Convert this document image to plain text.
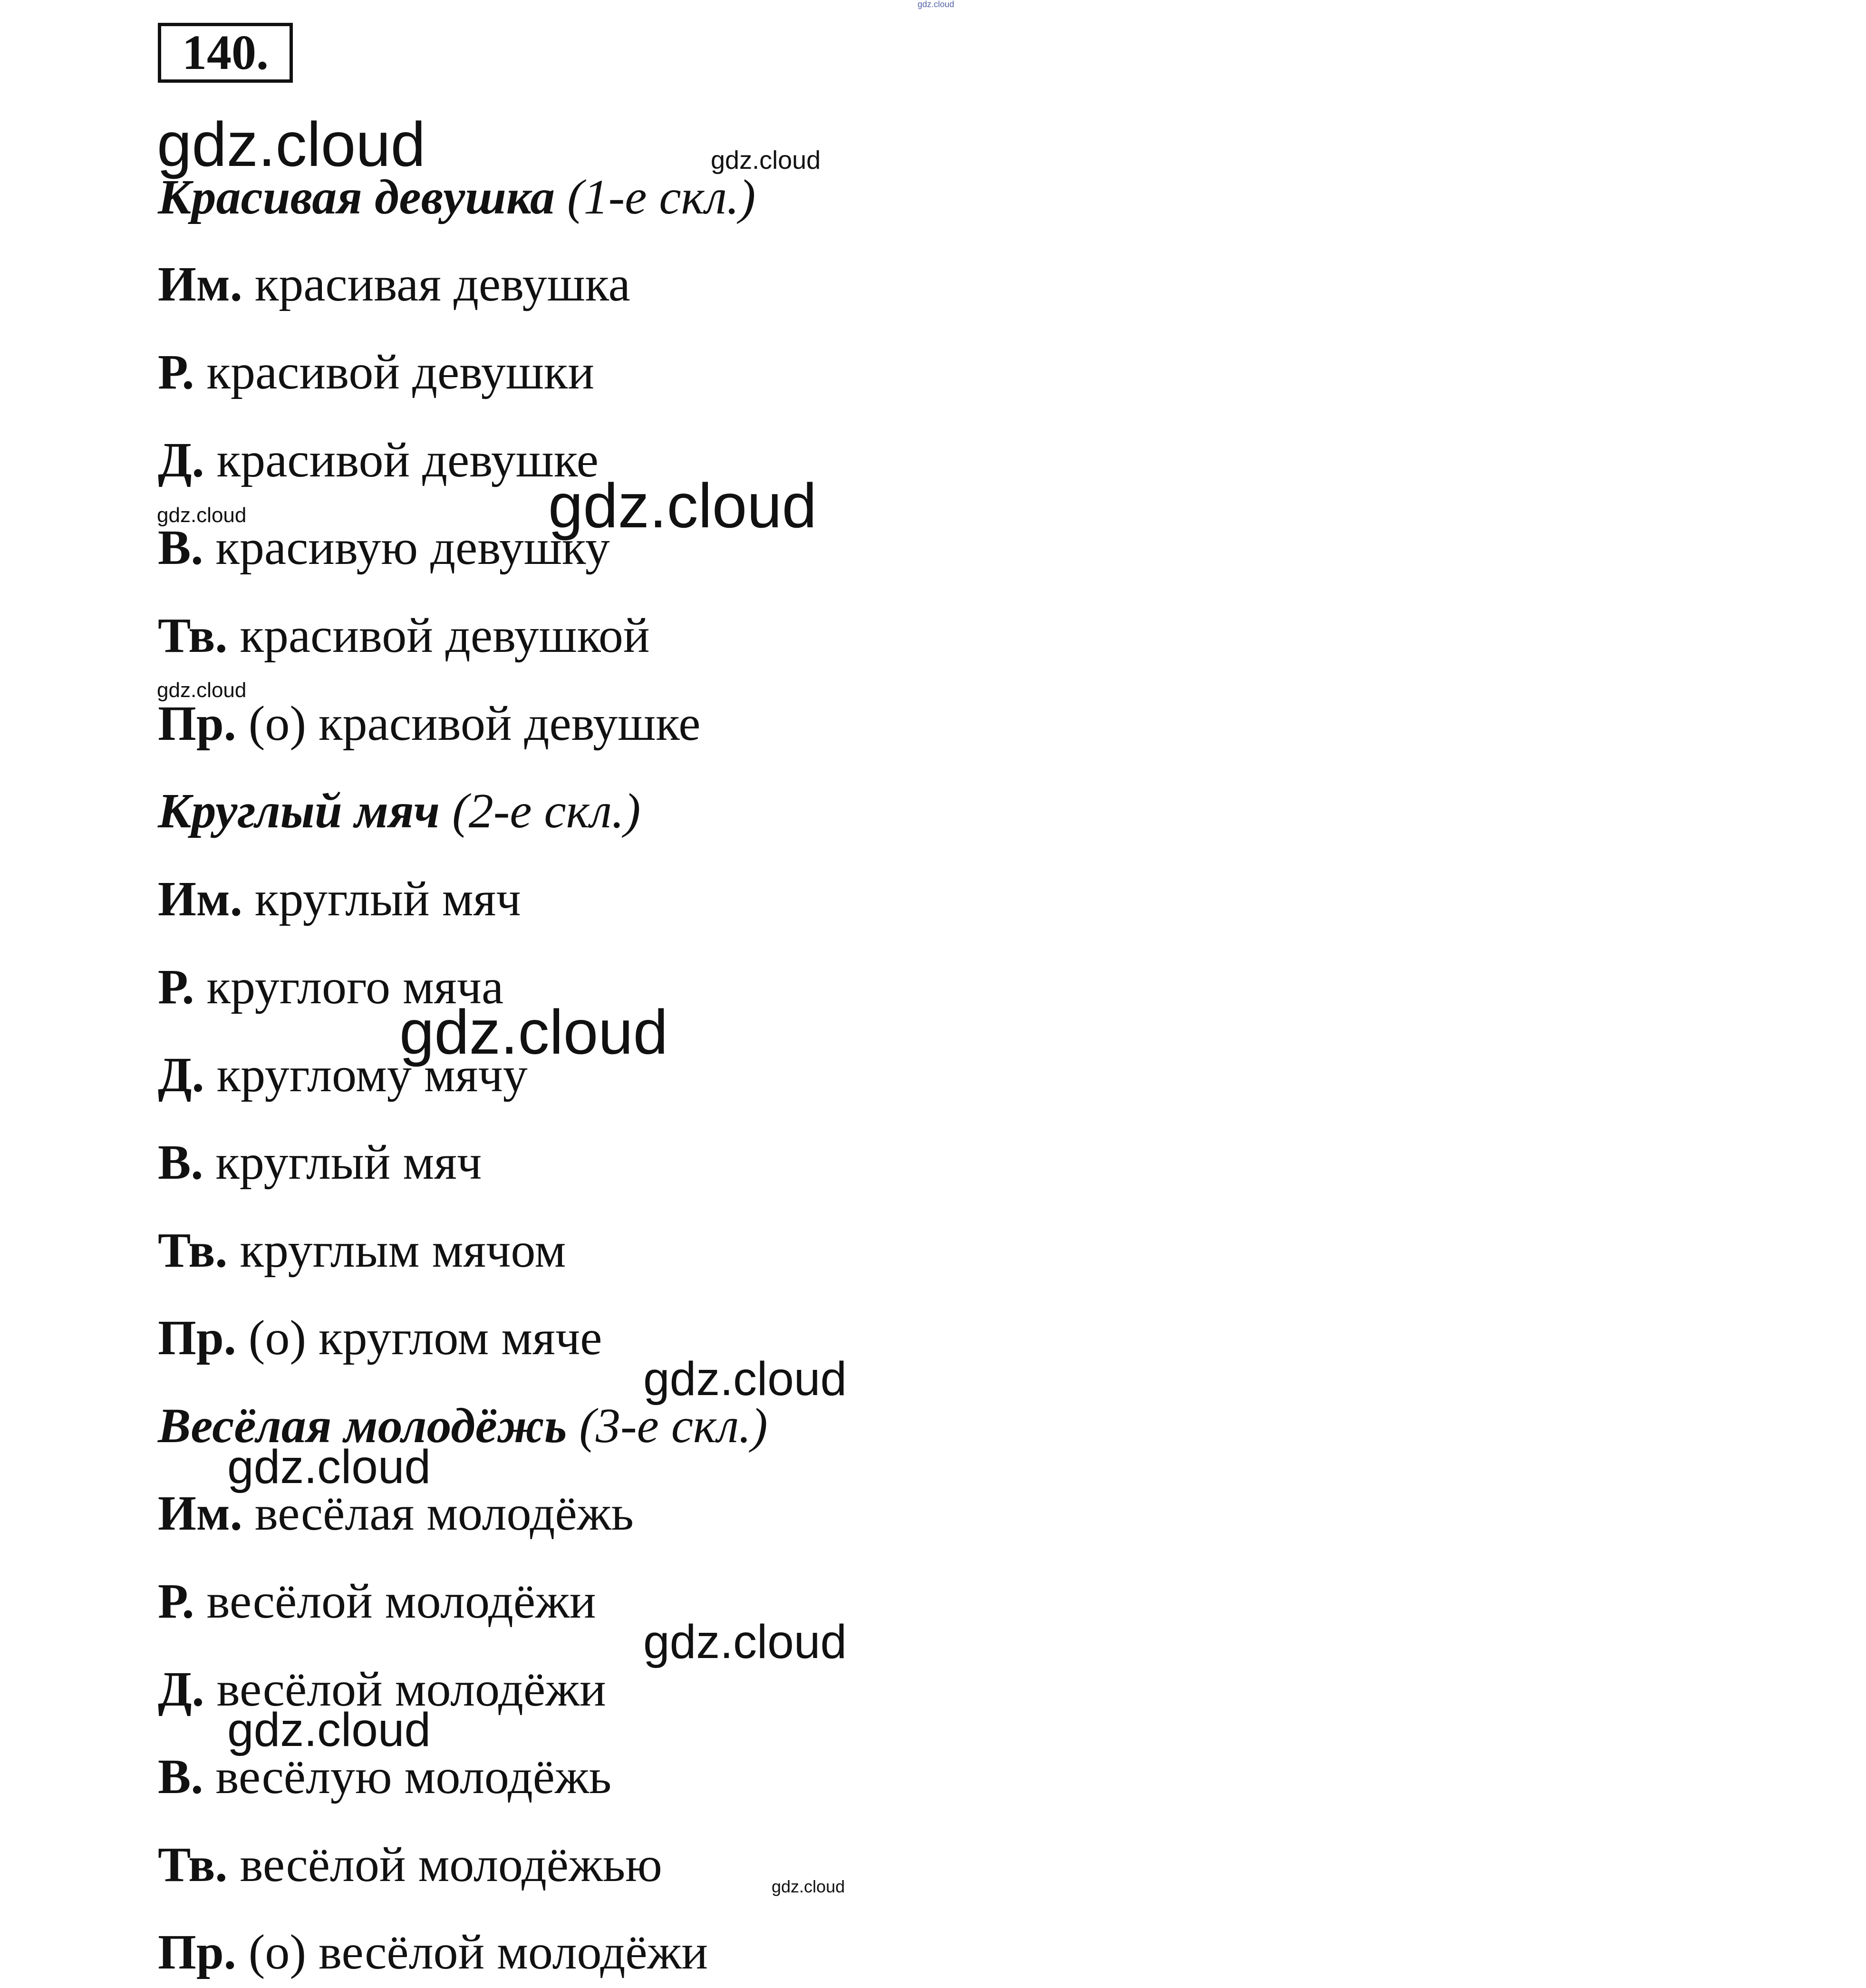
140.
Красивая девушка (1-е скл.)
Им. красивая девушка
Р. красивой девушки
Д. красивой девушке
В. красивую девушку
Тв. красивой девушкой
Пр. (о) красивой девушке
Круглый мяч (2-е скл.)
Им. круглый мяч
Р. круглого мяча
Д. круглому мячу
В. круглый мяч
Тв. круглым мячом
Пр. (о) круглом мяче
Весёлая молодёжь (3-е скл.)
Им. весёлая молодёжь
Р. весёлой молодёжи
Д. весёлой молодёжи
В. весёлую молодёжь
Тв. весёлой молодёжью
Пр. (о) весёлой молодёжи
gdz.cloud
gdz.cloud	gdz.cloud
gdz.cloud	gdz.cloud
gdz.cloud
gdz.cloud
gdz.cloud
gdz.cloud
gdz.cloud
gdz.cloud
gdz.cloud
